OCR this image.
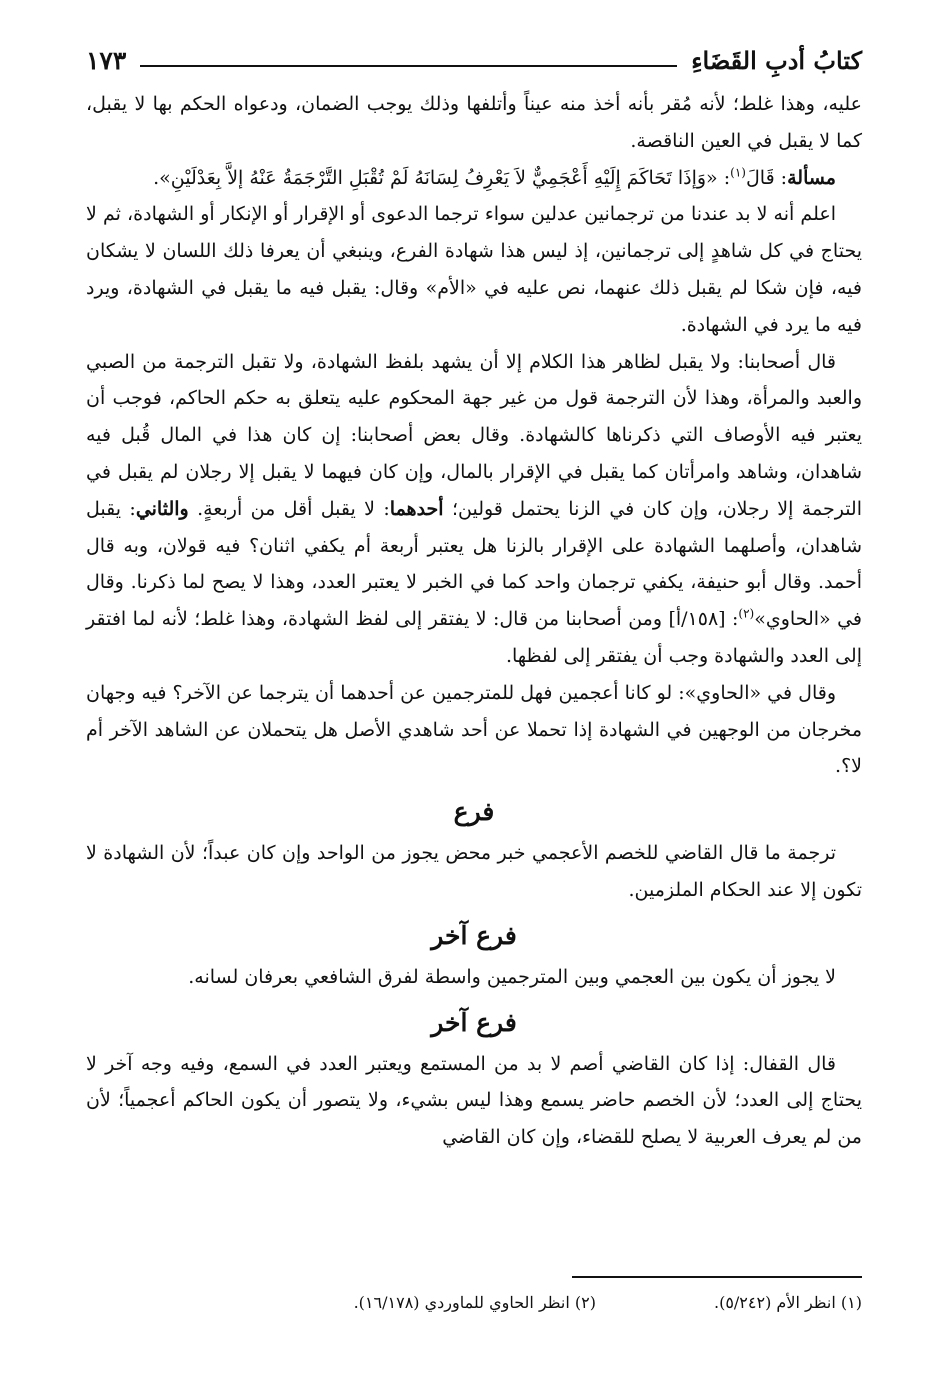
كتابُ أدبِ القَضَاءِ
١٧٣

عليه، وهذا غلط؛ لأنه مُقر بأنه أخذ منه عيناً وأتلفها وذلك يوجب الضمان، ودعواه الحكم بها لا يقبل، كما لا يقبل في العين الناقصة.

مسألة: قَالَ$^{(١)}$: «وَإذَا تَحَاكَمَ إِلَيْهِ أَعْجَمِيٌّ لاَ يَعْرِفُ لِسَانَهُ لَمْ تُقْبَلِ التَّرْجَمَةُ عَنْهُ إلاَّ بِعَدْلَيْنِ».

اعلم أنه لا بد عندنا من ترجمانين عدلين سواء ترجما الدعوى أو الإقرار أو الإنكار أو الشهادة، ثم لا يحتاج في كل شاهدٍ إلى ترجمانين، إذ ليس هذا شهادة الفرع، وينبغي أن يعرفا ذلك اللسان لا يشكان فيه، فإن شكا لم يقبل ذلك عنهما، نص عليه في «الأم» وقال: يقبل فيه ما يقبل في الشهادة، ويرد فيه ما يرد في الشهادة.

قال أصحابنا: ولا يقبل لظاهر هذا الكلام إلا أن يشهد بلفظ الشهادة، ولا تقبل الترجمة من الصبي والعبد والمرأة، وهذا لأن الترجمة قول من غير جهة المحكوم عليه يتعلق به حكم الحاكم، فوجب أن يعتبر فيه الأوصاف التي ذكرناها كالشهادة. وقال بعض أصحابنا: إن كان هذا في المال قُبل فيه شاهدان، وشاهد وامرأتان كما يقبل في الإقرار بالمال، وإن كان فيهما لا يقبل إلا رجلان لم يقبل في الترجمة إلا رجلان، وإن كان في الزنا يحتمل قولين؛ أحدهما: لا يقبل أقل من أربعةٍ. والثاني: يقبل شاهدان، وأصلهما الشهادة على الإقرار بالزنا هل يعتبر أربعة أم يكفي اثنان؟ فيه قولان، وبه قال أحمد. وقال أبو حنيفة، يكفي ترجمان واحد كما في الخبر لا يعتبر العدد، وهذا لا يصح لما ذكرنا. وقال في «الحاوي»$^{(٢)}$: [١٥٨/أ] ومن أصحابنا من قال: لا يفتقر إلى لفظ الشهادة، وهذا غلط؛ لأنه لما افتقر إلى العدد والشهادة وجب أن يفتقر إلى لفظها.

وقال في «الحاوي»: لو كانا أعجمين فهل للمترجمين عن أحدهما أن يترجما عن الآخر؟ فيه وجهان مخرجان من الوجهين في الشهادة إذا تحملا عن أحد شاهدي الأصل هل يتحملان عن الشاهد الآخر أم لا؟.

فرع

ترجمة ما قال القاضي للخصم الأعجمي خبر محض يجوز من الواحد وإن كان عبداً؛ لأن الشهادة لا تكون إلا عند الحكام الملزمين.

فرع آخر

لا يجوز أن يكون بين العجمي وبين المترجمين واسطة لفرق الشافعي بعرفان لسانه.

فرع آخر

قال القفال: إذا كان القاضي أصم لا بد من المستمع ويعتبر العدد في السمع، وفيه وجه آخر لا يحتاج إلى العدد؛ لأن الخصم حاضر يسمع وهذا ليس بشيء، ولا يتصور أن يكون الحاكم أعجمياً؛ لأن من لم يعرف العربية لا يصلح للقضاء، وإن كان القاضي

(١) انظر الأم (٥/٢٤٢).
(٢) انظر الحاوي للماوردي (١٦/١٧٨).
